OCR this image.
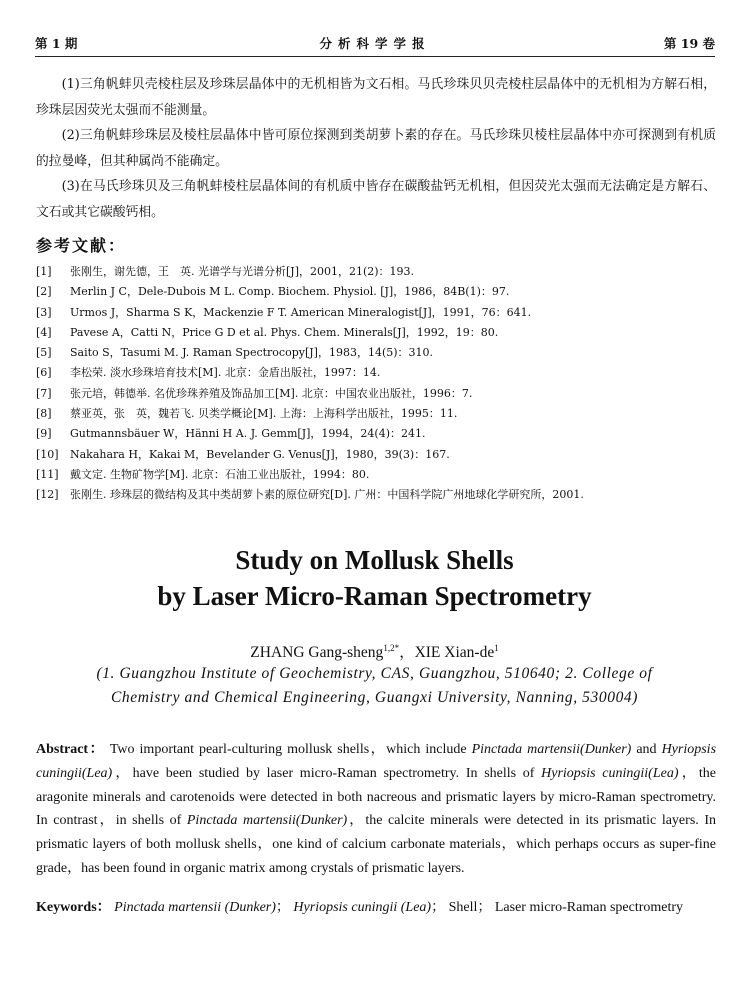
第 1 期	分析科学学报	第 19 卷

(1)三角帆蚌贝壳棱柱层及珍珠层晶体中的无机相皆为文石相。马氏珍珠贝贝壳棱柱层晶体中的无机相为方解石相，珍珠层因荧光太强而不能测量。

(2)三角帆蚌珍珠层及棱柱层晶体中皆可原位探测到类胡萝卜素的存在。马氏珍珠贝棱柱层晶体中亦可探测到有机质的拉曼峰，但其种属尚不能确定。

(3)在马氏珍珠贝及三角帆蚌棱柱层晶体间的有机质中皆存在碳酸盐钙无机相，但因荧光太强而无法确定是方解石、文石或其它碳酸钙相。

参考文献：
[1]	张刚生，谢先德，王　英. 光谱学与光谱分析[J]，2001，21(2)：193.
[2]	Merlin J C，Dele-Dubois M L. Comp. Biochem. Physiol. [J]，1986，84B(1)：97.
[3]	Urmos J，Sharma S K，Mackenzie F T. American Mineralogist[J]，1991，76：641.
[4]	Pavese A，Catti N，Price G D et al. Phys. Chem. Minerals[J]，1992，19：80.
[5]	Saito S，Tasumi M. J. Raman Spectrocopy[J]，1983，14(5)：310.
[6]	李松荣. 淡水珍珠培育技术[M]. 北京：金盾出版社，1997：14.
[7]	张元培，韩德举. 名优珍珠养殖及饰品加工[M]. 北京：中国农业出版社，1996：7.
[8]	蔡亚英，张　英，魏若飞. 贝类学概论[M]. 上海：上海科学出版社，1995：11.
[9]	Gutmannsbäuer W，Hänni H A. J. Gemm[J]，1994，24(4)：241.
[10]	Nakahara H，Kakai M，Bevelander G. Venus[J]，1980，39(3)：167.
[11]	戴文定. 生物矿物学[M]. 北京：石油工业出版社，1994：80.
[12]	张刚生. 珍珠层的微结构及其中类胡萝卜素的原位研究[D]. 广州：中国科学院广州地球化学研究所，2001.
Study on Mollusk Shells
by Laser Micro-Raman Spectrometry
ZHANG Gang-sheng$^{1,2*}$，XIE Xian-$de^1$
(1. Guangzhou Institute of Geochemistry, CAS, Guangzhou, 510640; 2. College of
Chemistry and Chemical Engineering, Guangxi University, Nanning, 530004)
Abstract： Two important pearl-culturing mollusk shells，which include Pinctada martensii(Dunker) and Hyriopsis cuningii(Lea)，have been studied by laser micro-Raman spectrometry. In shells of Hyriopsis cuningii(Lea)，the aragonite minerals and carotenoids were detected in both nacreous and prismatic layers by micro-Raman spectrometry. In contrast，in shells of Pinctada martensii(Dunker)，the calcite minerals were detected in its prismatic layers. In prismatic layers of both mollusk shells，one kind of calcium carbonate materials，which perhaps occurs as super-fine grade，has been found in organic matrix among crystals of prismatic layers.
Keywords： Pinctada martensii (Dunker)； Hyriopsis cuningii (Lea)； Shell； Laser micro-Raman spectrometry
